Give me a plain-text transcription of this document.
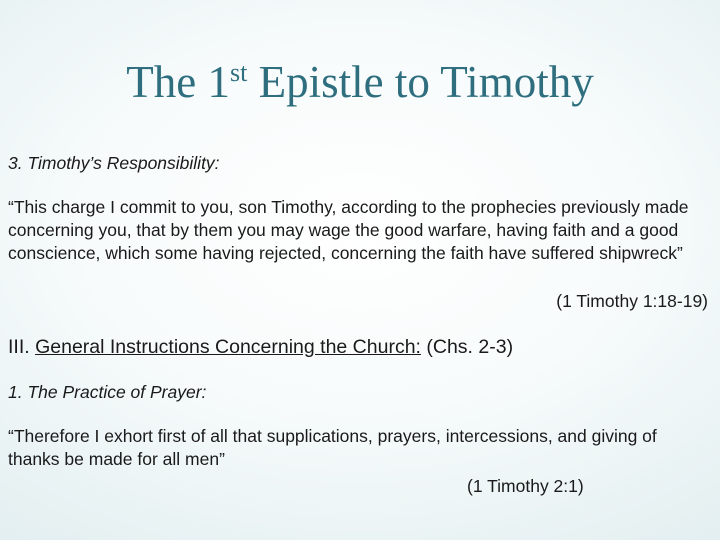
The 1st Epistle to Timothy
3. Timothy’s Responsibility:
“This charge I commit to you, son Timothy, according to the prophecies previously made concerning you, that by them you may wage the good warfare, having faith and a good conscience, which some having rejected, concerning the faith have suffered shipwreck”
(1 Timothy 1:18-19)
III. General Instructions Concerning the Church: (Chs. 2-3)
1. The Practice of Prayer:
“Therefore I exhort first of all that supplications, prayers, intercessions, and giving of thanks be made for all men”
(1 Timothy 2:1)
